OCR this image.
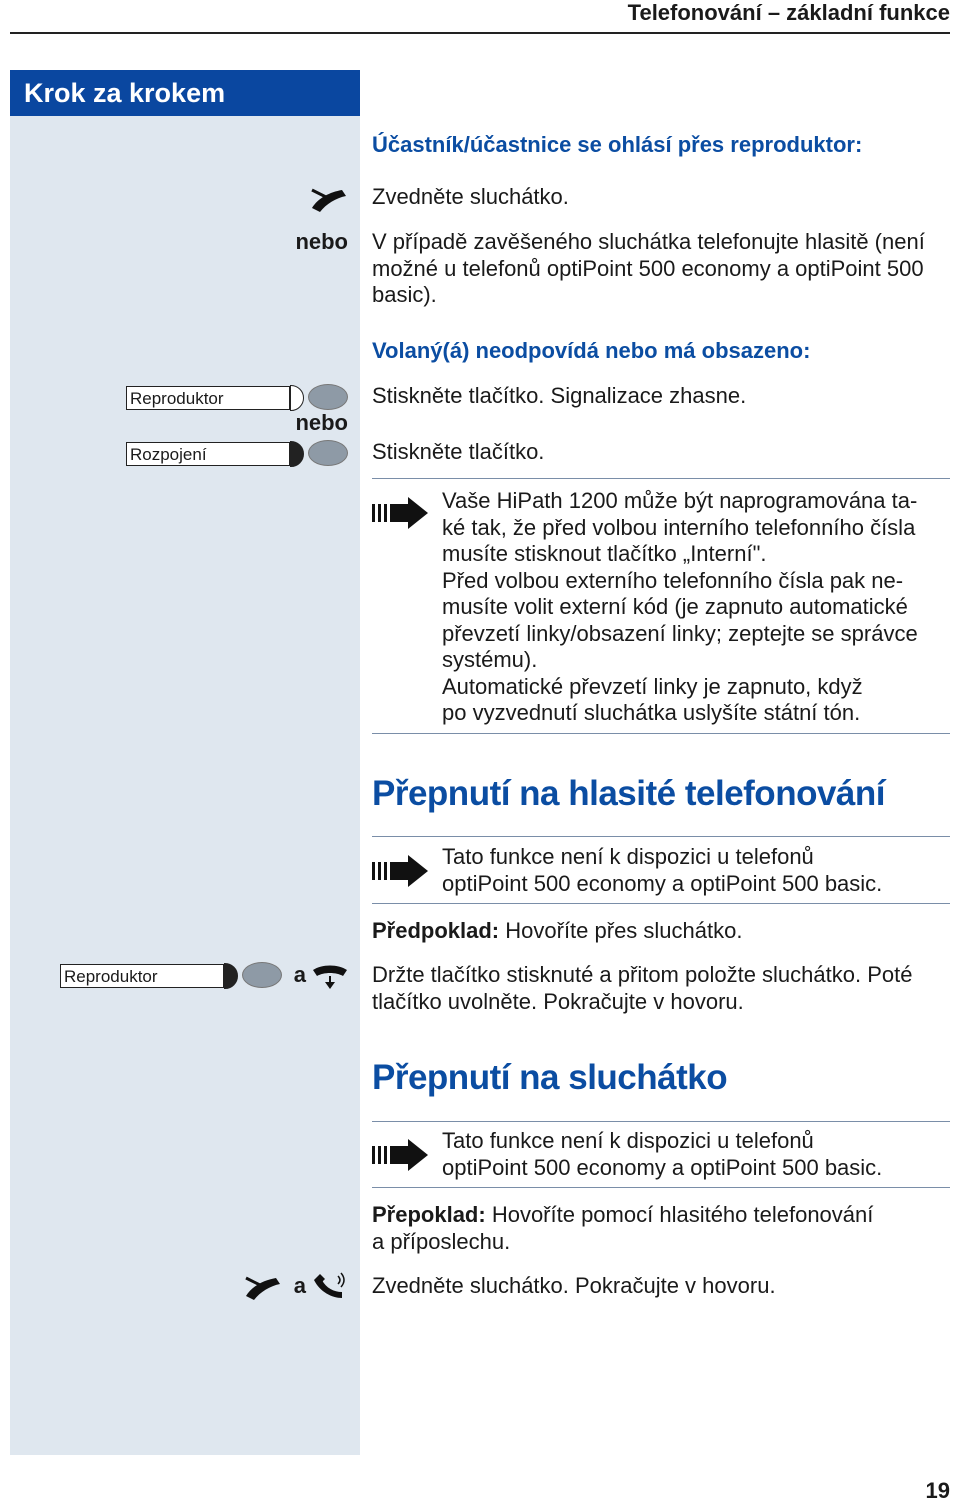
Telefonování – základní funkce
Krok za krokem
Účastník/účastnice se ohlásí přes reproduktor:
Zvedněte sluchátko.
nebo V případě zavěšeného sluchátka telefonujte hlasitě (není možné u telefonů optiPoint 500 economy a optiPoint 500 basic).
Volaný(á) neodpovídá nebo má obsazeno:
Reproduktor	Stiskněte tlačítko. Signalizace zhasne.
nebo
Rozpojení	Stiskněte tlačítko.
Vaše HiPath 1200 může být naprogramována ta-
ké tak, že před volbou interního telefonního čísla
musíte stisknout tlačítko „Interní".
Před volbou externího telefonního čísla pak ne-
musíte volit externí kód (je zapnuto automatické
převzetí linky/obsazení linky; zeptejte se správce
systému).
Automatické převzetí linky je zapnuto, když
po vyzvednutí sluchátka uslyšíte státní tón.
Přepnutí na hlasité telefonování
Tato funkce není k dispozici u telefonů
optiPoint 500 economy a optiPoint 500 basic.
Předpoklad: Hovoříte přes sluchátko.
Reproduktor	a	Držte tlačítko stisknuté a přitom položte sluchátko. Poté
tlačítko uvolněte. Pokračujte v hovoru.
Přepnutí na sluchátko
Tato funkce není k dispozici u telefonů
optiPoint 500 economy a optiPoint 500 basic.
Přepoklad: Hovoříte pomocí hlasitého telefonování
a příposlechu.
a	Zvedněte sluchátko. Pokračujte v hovoru.
19
